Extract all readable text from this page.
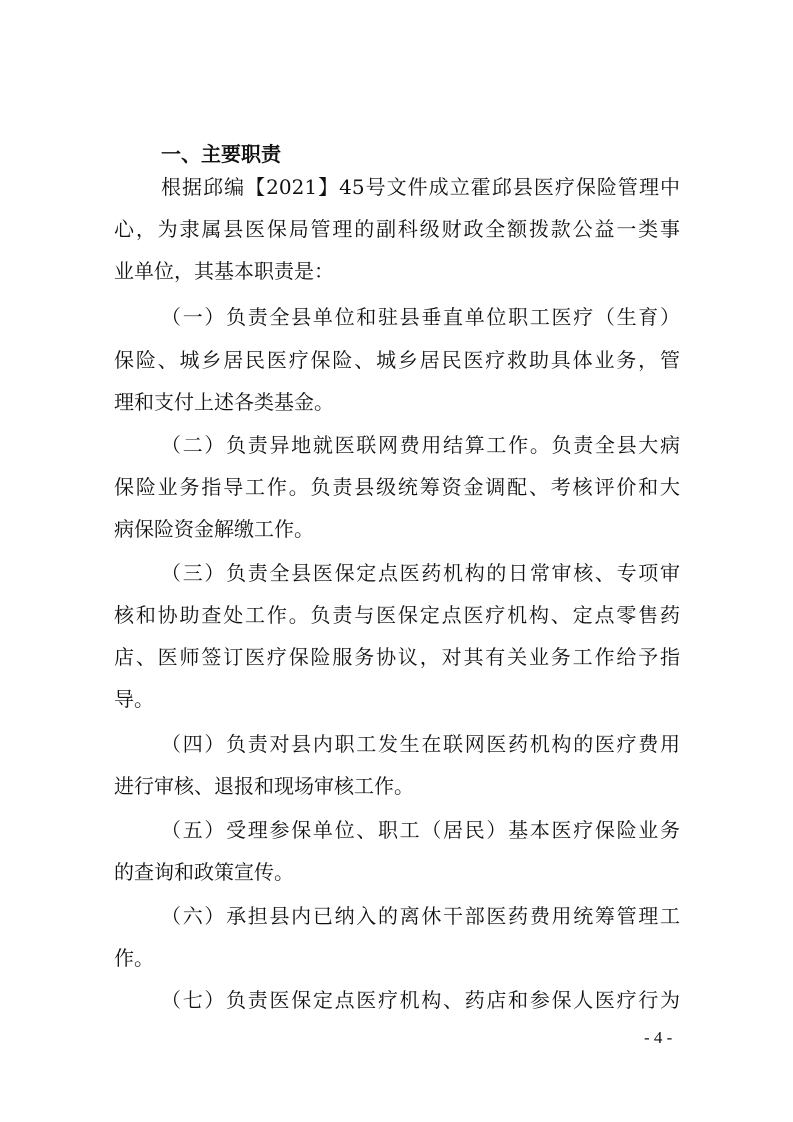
一、主要职责
根据邱编【2021】45号文件成立霍邱县医疗保险管理中
心，为隶属县医保局管理的副科级财政全额拨款公益一类事
业单位，其基本职责是：
（一）负责全县单位和驻县垂直单位职工医疗（生育）
保险、城乡居民医疗保险、城乡居民医疗救助具体业务，管
理和支付上述各类基金。
（二）负责异地就医联网费用结算工作。负责全县大病
保险业务指导工作。负责县级统筹资金调配、考核评价和大
病保险资金解缴工作。
（三）负责全县医保定点医药机构的日常审核、专项审
核和协助查处工作。负责与医保定点医疗机构、定点零售药
店、医师签订医疗保险服务协议，对其有关业务工作给予指
导。
（四）负责对县内职工发生在联网医药机构的医疗费用
进行审核、退报和现场审核工作。
（五）受理参保单位、职工（居民）基本医疗保险业务
的查询和政策宣传。
（六）承担县内已纳入的离休干部医药费用统筹管理工
作。
（七）负责医保定点医疗机构、药店和参保人医疗行为
- 4 -
